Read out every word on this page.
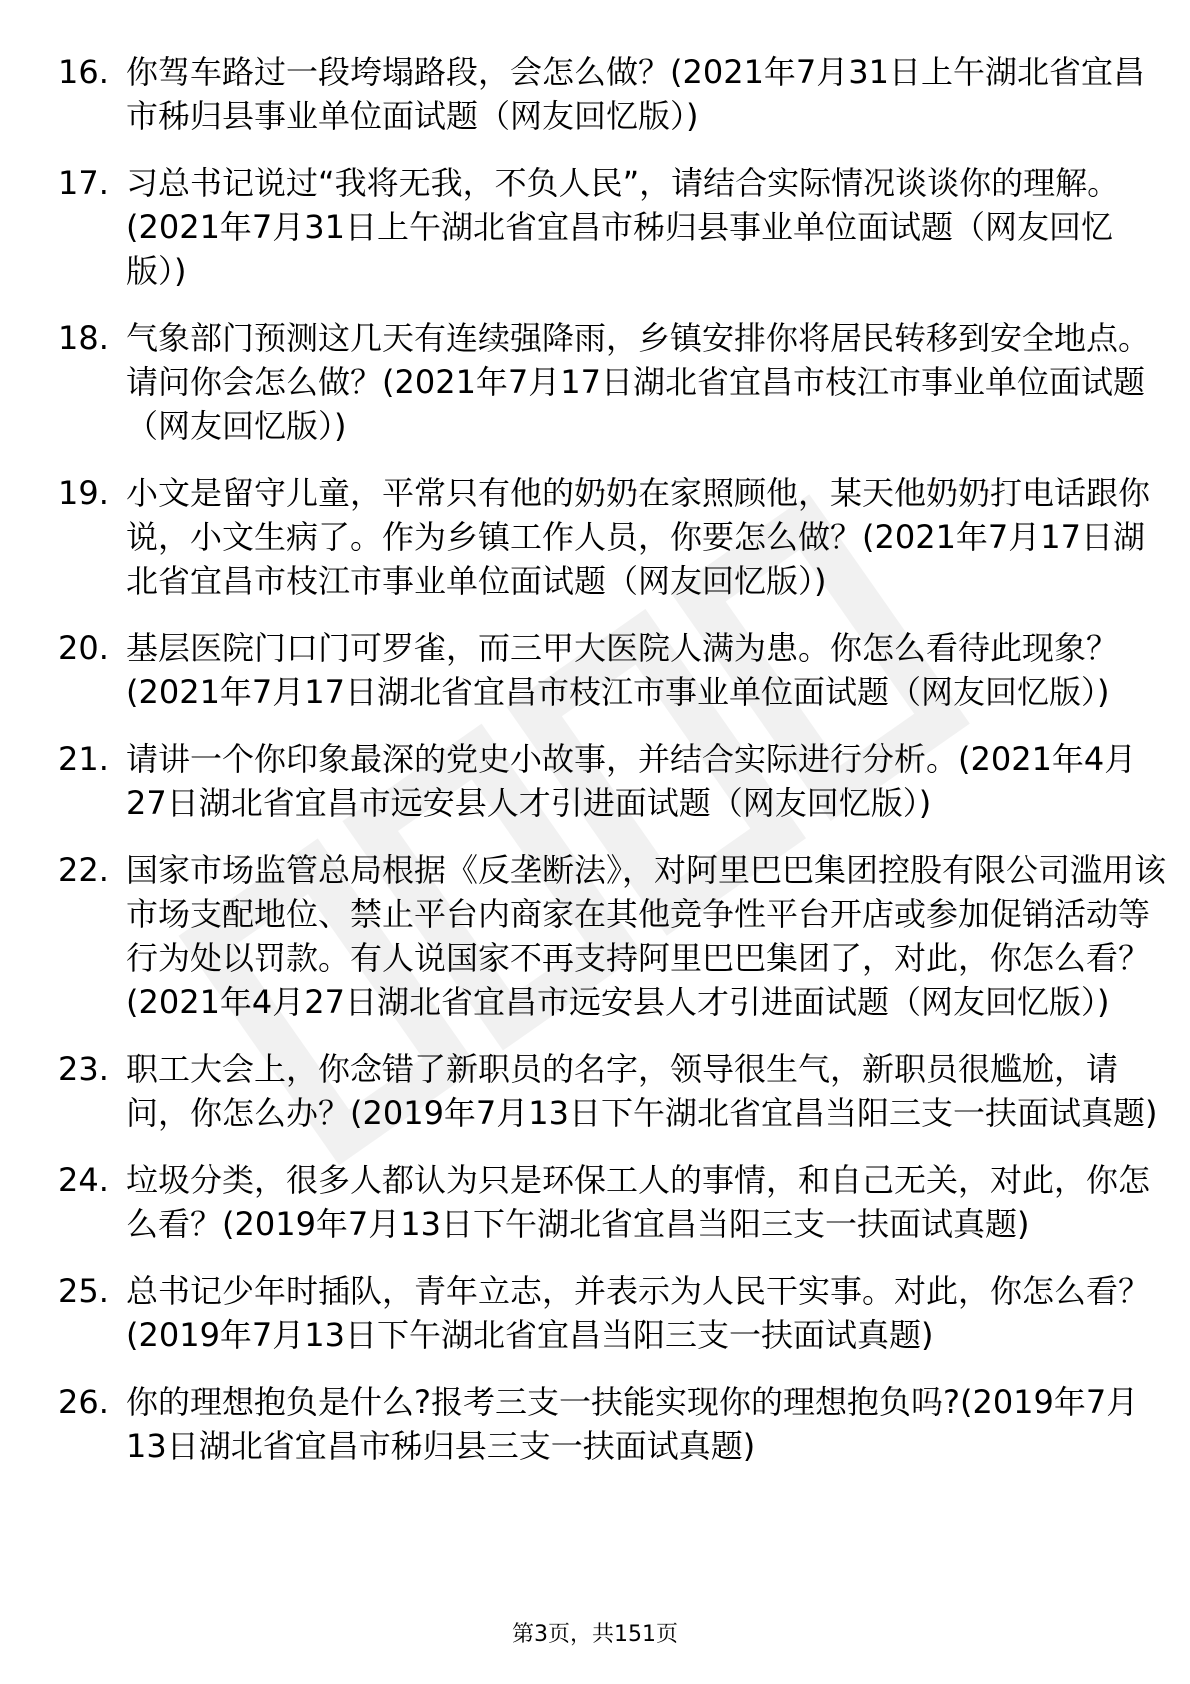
16. 你驾车路过一段垮塌路段，会怎么做？(2021年7月31日上午湖北省宜昌市秭归县事业单位面试题（网友回忆版）)
17. 习总书记说过“我将无我，不负人民”，请结合实际情况谈谈你的理解。(2021年7月31日上午湖北省宜昌市秭归县事业单位面试题（网友回忆版）)
18. 气象部门预测这几天有连续强降雨，乡镇安排你将居民转移到安全地点。请问你会怎么做？(2021年7月17日湖北省宜昌市枝江市事业单位面试题（网友回忆版）)
19. 小文是留守儿童，平常只有他的奶奶在家照顾他，某天他奶奶打电话跟你说，小文生病了。作为乡镇工作人员，你要怎么做？(2021年7月17日湖北省宜昌市枝江市事业单位面试题（网友回忆版）)
20. 基层医院门口门可罗雀，而三甲大医院人满为患。你怎么看待此现象？(2021年7月17日湖北省宜昌市枝江市事业单位面试题（网友回忆版）)
21. 请讲一个你印象最深的党史小故事，并结合实际进行分析。(2021年4月27日湖北省宜昌市远安县人才引进面试题（网友回忆版）)
22. 国家市场监管总局根据《反垄断法》，对阿里巴巴集团控股有限公司滥用该市场支配地位、禁止平台内商家在其他竞争性平台开店或参加促销活动等行为处以罚款。有人说国家不再支持阿里巴巴集团了，对此，你怎么看？(2021年4月27日湖北省宜昌市远安县人才引进面试题（网友回忆版）)
23. 职工大会上，你念错了新职员的名字，领导很生气，新职员很尴尬，请问，你怎么办？(2019年7月13日下午湖北省宜昌当阳三支一扶面试真题)
24. 垃圾分类，很多人都认为只是环保工人的事情，和自己无关，对此，你怎么看？(2019年7月13日下午湖北省宜昌当阳三支一扶面试真题)
25. 总书记少年时插队，青年立志，并表示为人民干实事。对此，你怎么看？(2019年7月13日下午湖北省宜昌当阳三支一扶面试真题)
26. 你的理想抱负是什么?报考三支一扶能实现你的理想抱负吗?(2019年7月13日湖北省宜昌市秭归县三支一扶面试真题)
第3页，共151页
